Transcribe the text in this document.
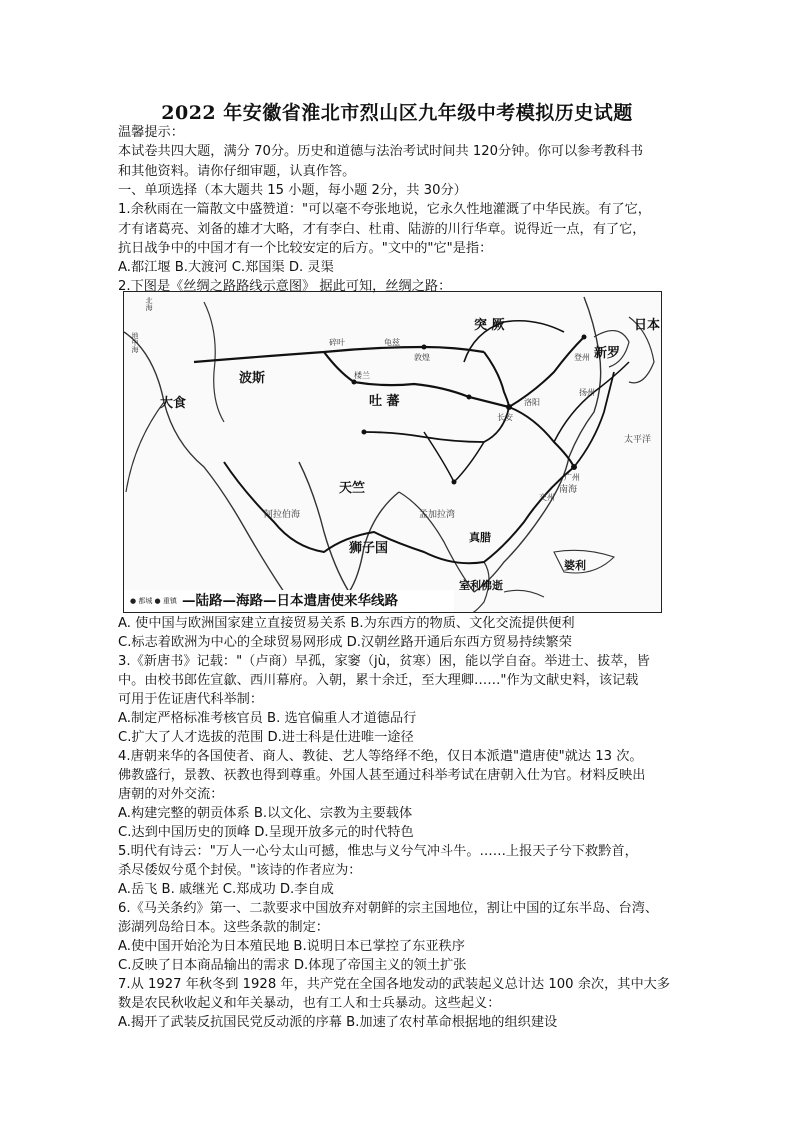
2022 年安徽省淮北市烈山区九年级中考模拟历史试题
突 厥
新罗
日本
大食
波斯
吐 蕃
天竺
狮子国
阿拉伯海	孟加拉湾
真腊
室利佛逝
婆利
南海
太平洋
北海
地中海
长安
广州
敦煌
楼兰
碎叶
扬州
登州
洛阳
交州
龟兹
—陆路—海路—日本遣唐使来华线路
● 都城 ● 重镇
温馨提示：
本试卷共四大题，满分 70分。历史和道德与法治考试时间共 120分钟。你可以参考教科书
和其他资料。请你仔细审题，认真作答。
一、单项选择（本大题共 15 小题，每小题 2分，共 30分）
1.余秋雨在一篇散文中盛赞道："可以毫不夸张地说，它永久性地灌溉了中华民族。有了它，
才有诸葛亮、刘备的雄才大略，才有李白、杜甫、陆游的川行华章。说得近一点，有了它，
抗日战争中的中国才有一个比较安定的后方。"文中的"它"是指：
A.都江堰 B.大渡河 C.郑国渠 D. 灵渠
2.下图是《丝绸之路路线示意图》 据此可知，丝绸之路：
A. 使中国与欧洲国家建立直接贸易关系 B.为东西方的物质、文化交流提供便利
C.标志着欧洲为中心的全球贸易网形成 D.汉朝丝路开通后东西方贸易持续繁荣
3.《新唐书》记载："（卢商）早孤，家窭（jù，贫寒）困，能以学自奋。举进士、拔萃，皆
中。由校书郎佐宣歙、西川幕府。入朝，累十余迁，至大理卿……"作为文献史料，该记载
可用于佐证唐代科举制：
A.制定严格标准考核官员 B. 选官偏重人才道德品行
C.扩大了人才选拔的范围 D.进士科是仕进唯一途径
4.唐朝来华的各国使者、商人、教徒、艺人等络绎不绝，仅日本派遣"遣唐使"就达 13 次。
佛教盛行，景教、祆教也得到尊重。外国人甚至通过科举考试在唐朝入仕为官。材料反映出
唐朝的对外交流：
A.构建完整的朝贡体系 B.以文化、宗教为主要载体
C.达到中国历史的顶峰 D.呈现开放多元的时代特色
5.明代有诗云："万人一心兮太山可撼，惟忠与义兮气冲斗牛。……上报天子兮下救黔首，
杀尽倭奴兮觅个封侯。"该诗的作者应为：
A.岳飞 B. 戚继光 C.郑成功 D.李自成
6.《马关条约》第一、二款要求中国放弃对朝鲜的宗主国地位，割让中国的辽东半岛、台湾、
澎湖列岛给日本。这些条款的制定：
A.使中国开始沦为日本殖民地 B.说明日本已掌控了东亚秩序
C.反映了日本商品输出的需求 D.体现了帝国主义的领土扩张
7.从 1927 年秋冬到 1928 年，共产党在全国各地发动的武装起义总计达 100 余次，其中大多
数是农民秋收起义和年关暴动，也有工人和士兵暴动。这些起义：
A.揭开了武装反抗国民党反动派的序幕 B.加速了农村革命根据地的组织建设
